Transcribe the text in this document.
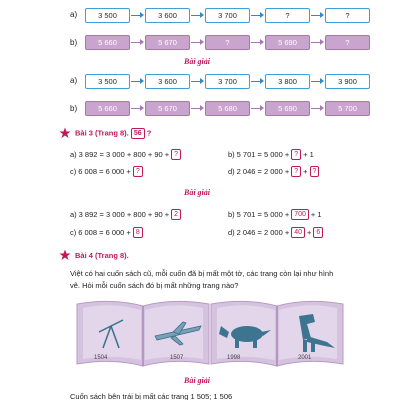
a)	3 500	3 600	3 700	?	?
b)	5 660	5 670	?	5 690	?
Bài giải
a)	3 500	3 600	3 700	3 800	3 900
b)	5 660	5 670	5 680	5 690	5 700
Bài 3 (Trang 8). 56 ?
a) 3 892 = 3 000 + 800 + 90 + ?	b) 5 701 = 5 000 + ? + 1
c) 6 008 = 6 000 + ?	d) 2 046 = 2 000 + ? + ?
Bài giải
a) 3 892 = 3 000 + 800 + 90 + 2	b) 5 701 = 5 000 + 700 + 1
c) 6 008 = 6 000 + 8	d) 2 046 = 2 000 + 40 + 6
Bài 4 (Trang 8).
Việt có hai cuốn sách cũ, mỗi cuốn đã bị mất một tờ, các trang còn lại như hình
vẽ. Hỏi mỗi cuốn sách đó bị mất những trang nào?
1504	1507	1998	2001
Bài giải
Cuốn sách bên trái bị mất các trang 1 505; 1 506
